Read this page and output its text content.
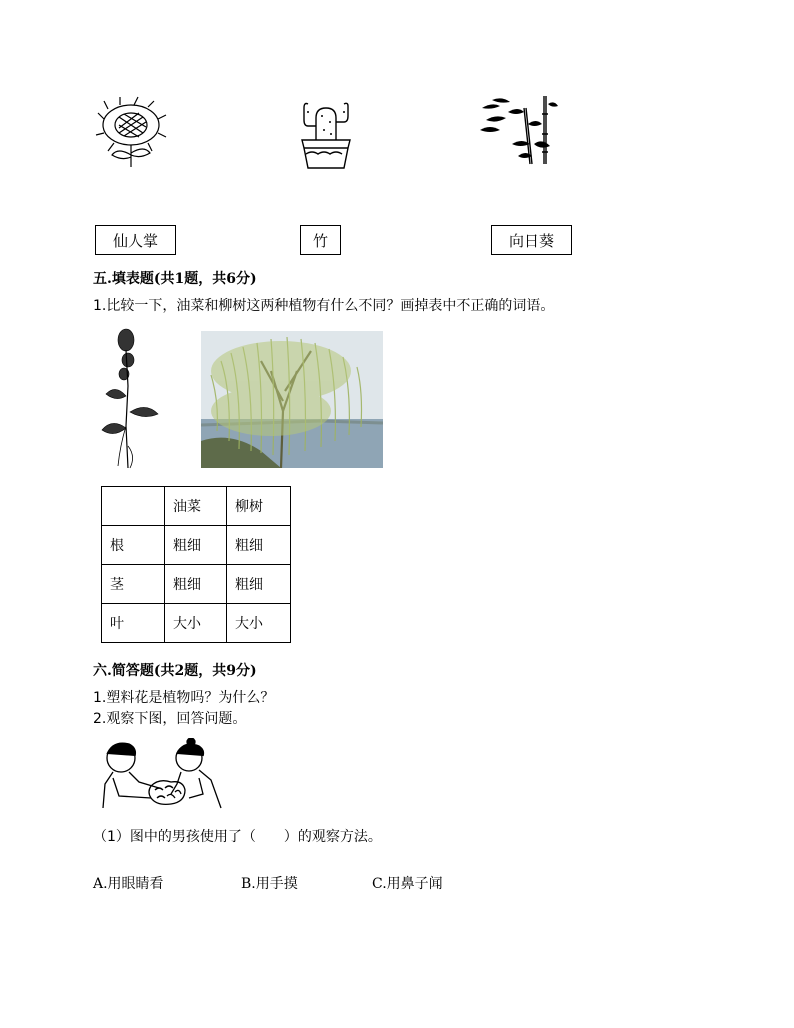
仙人掌	竹	向日葵
五.填表题(共1题，共6分)
1.比较一下，油菜和柳树这两种植物有什么不同？画掉表中不正确的词语。
	油菜	柳树
根	粗细	粗细
茎	粗细	粗细
叶	大小	大小
六.简答题(共2题，共9分)
1.塑料花是植物吗？为什么？
2.观察下图，回答问题。
（1）图中的男孩使用了（　　）的观察方法。
A.用眼睛看	B.用手摸	C.用鼻子闻
